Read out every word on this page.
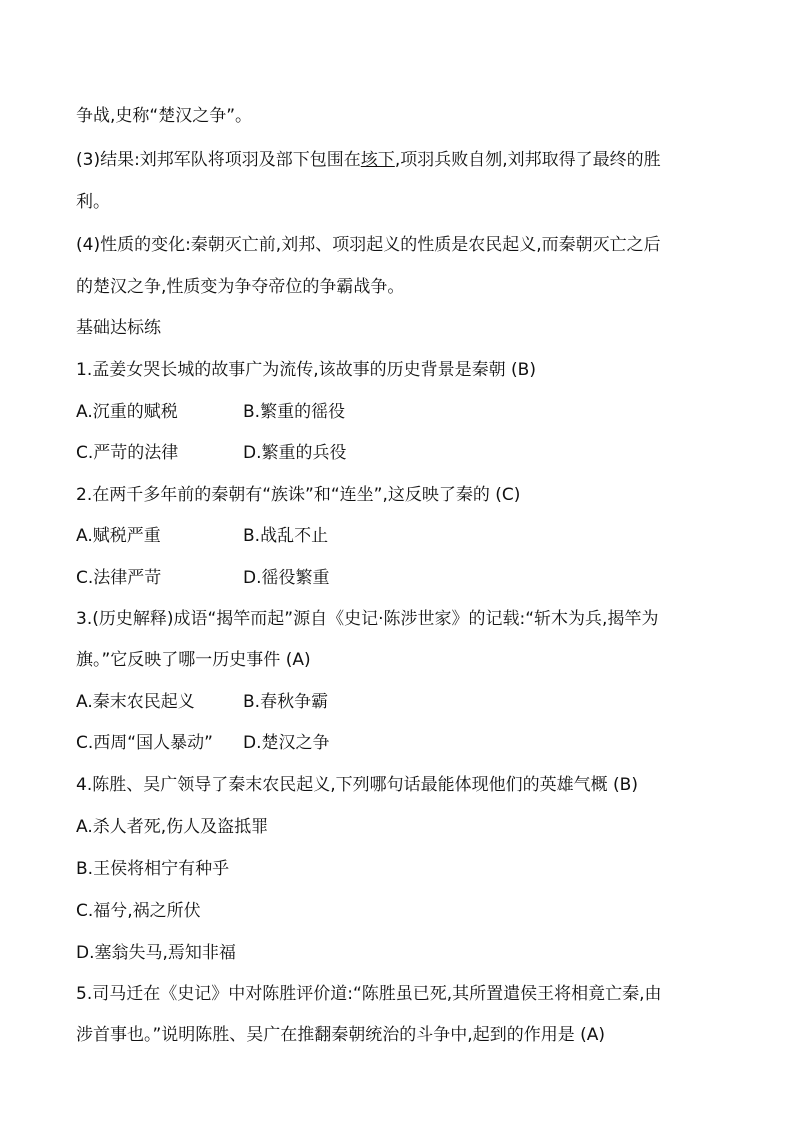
争战,史称“楚汉之争”。
(3)结果:刘邦军队将项羽及部下包围在垓下,项羽兵败自刎,刘邦取得了最终的胜
利。
(4)性质的变化:秦朝灭亡前,刘邦、项羽起义的性质是农民起义,而秦朝灭亡之后
的楚汉之争,性质变为争夺帝位的争霸战争。
基础达标练
1.孟姜女哭长城的故事广为流传,该故事的历史背景是秦朝 (B)
A.沉重的赋税	B.繁重的徭役
C.严苛的法律	D.繁重的兵役
2.在两千多年前的秦朝有“族诛”和“连坐”,这反映了秦的 (C)
A.赋税严重	B.战乱不止
C.法律严苛	D.徭役繁重
3.(历史解释)成语“揭竿而起”源自《史记·陈涉世家》的记载:“斩木为兵,揭竿为
旗。”它反映了哪一历史事件 (A)
A.秦末农民起义	B.春秋争霸
C.西周“国人暴动” D.楚汉之争
4.陈胜、吴广领导了秦末农民起义,下列哪句话最能体现他们的英雄气概 (B)
A.杀人者死,伤人及盗抵罪
B.王侯将相宁有种乎
C.福兮,祸之所伏
D.塞翁失马,焉知非福
5.司马迁在《史记》中对陈胜评价道:“陈胜虽已死,其所置遣侯王将相竟亡秦,由
涉首事也。”说明陈胜、吴广在推翻秦朝统治的斗争中,起到的作用是 (A)
